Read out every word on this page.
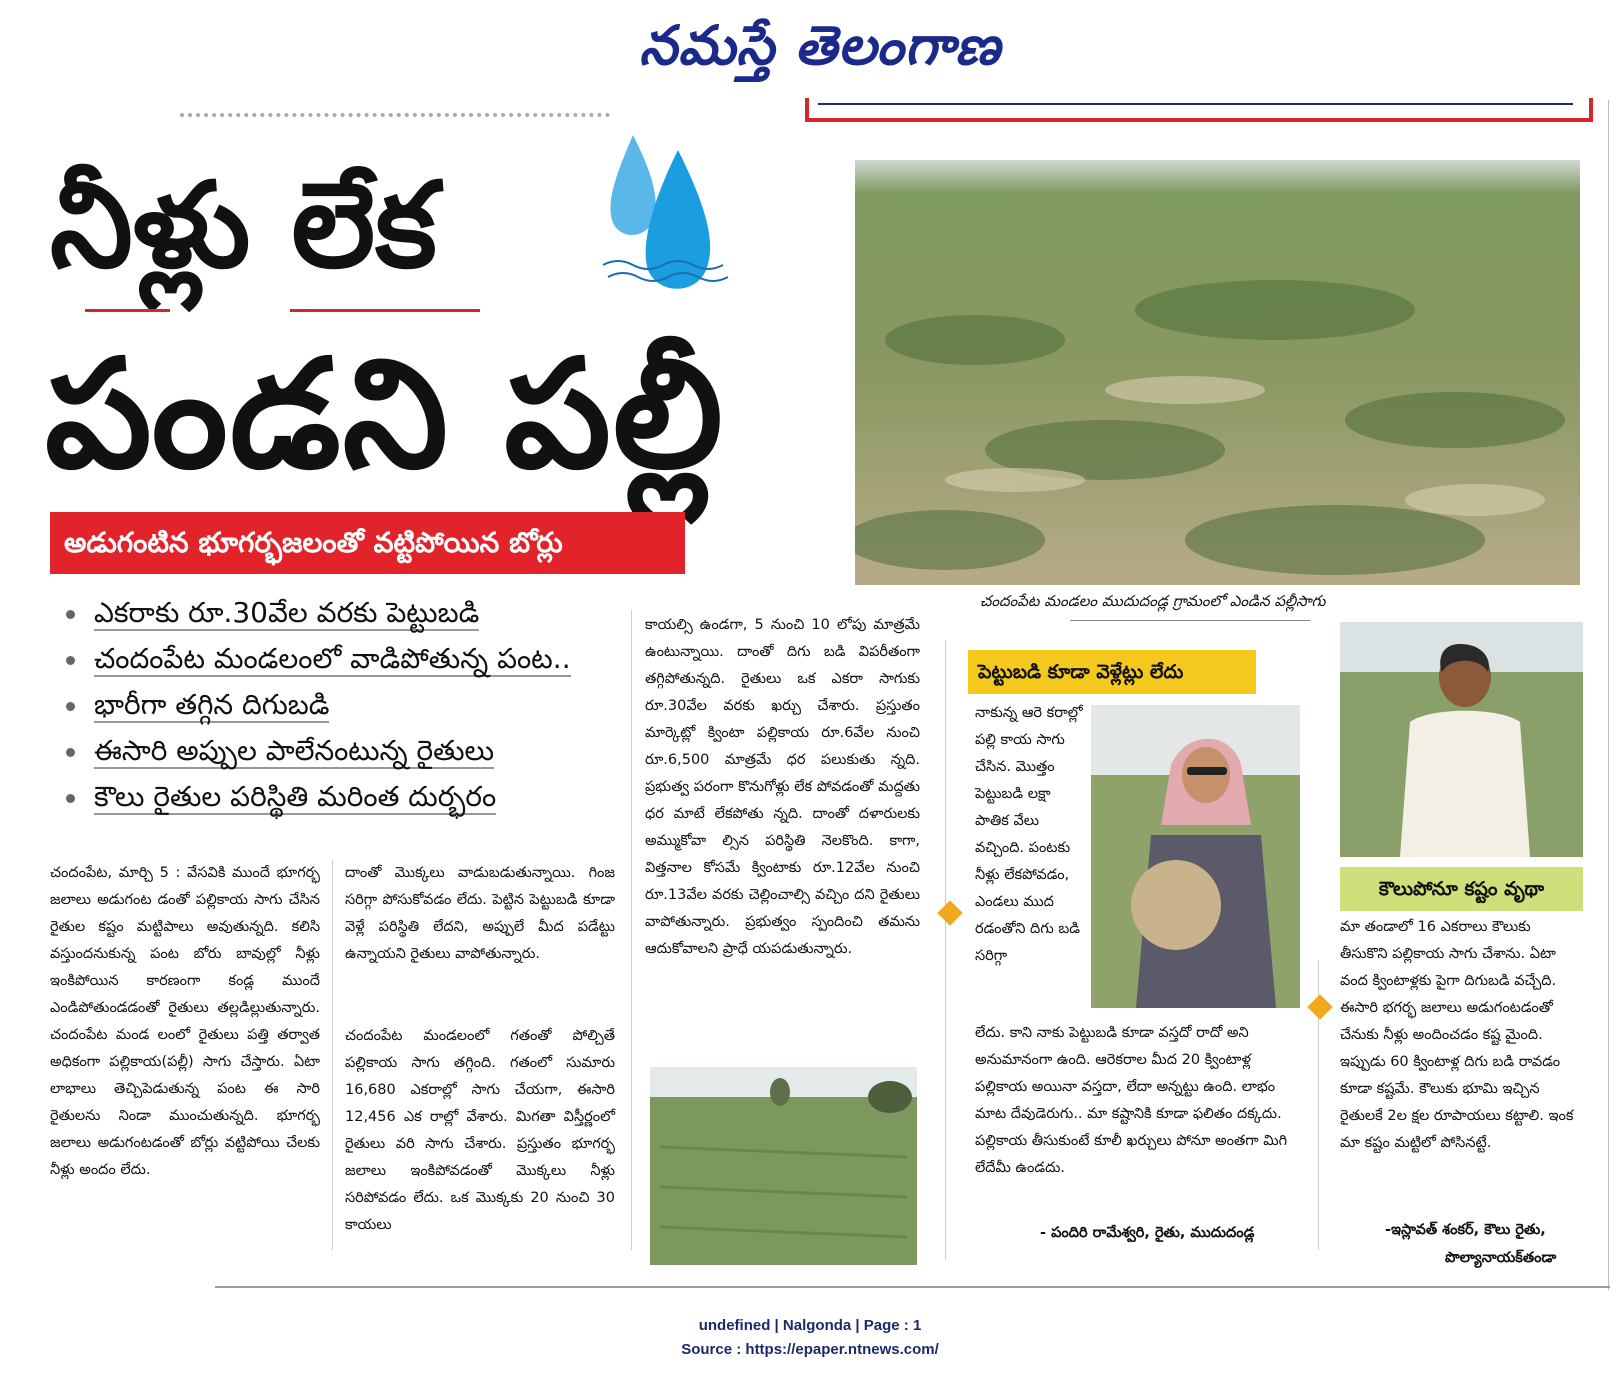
నమస్తే తెలంగాణ
నీళ్లు లేక
పండని పల్లీ
అడుగంటిన భూగర్భజలంతో వట్టిపోయిన బోర్లు
చందంపేట మండలం ముదుదండ్ల గ్రామంలో ఎండిన పల్లీసాగు
ఎకరాకు రూ.30వేల వరకు పెట్టుబడి
చందంపేట మండలంలో వాడిపోతున్న పంట..
భారీగా తగ్గిన దిగుబడి
ఈసారి అప్పుల పాలేనంటున్న రైతులు
కౌలు రైతుల పరిస్థితి మరింత దుర్భరం
చందంపేట, మార్చి 5 : వేసవికి ముందే భూగర్భ జలాలు అడుగంట డంతో పల్లికాయ సాగు చేసిన రైతుల కష్టం మట్టిపాలు అవుతున్నది. కలిసి వస్తుందనుకున్న పంట బోరు బావుల్లో నీళ్లు ఇంకిపోయిన కారణంగా కండ్ల ముందే ఎండిపోతుండడంతో రైతులు తల్లడిల్లుతున్నారు. చందంపేట మండ లంలో రైతులు పత్తి తర్వాత అధికంగా పల్లికాయ(పల్లీ) సాగు చేస్తారు. ఏటా లాభాలు తెచ్చిపెడుతున్న పంట ఈ సారి రైతులను నిండా ముంచుతున్నది. భూగర్భ జలాలు అడుగంటడంతో బోర్లు వట్టిపోయి చేలకు నీళ్లు అందం లేదు.
దాంతో మొక్కలు వాడుబడుతున్నాయి. గింజ సరిగ్గా పోసుకోవడం లేదు. పెట్టిన పెట్టుబడి కూడా వెళ్లే పరిస్థితి లేదని, అప్పులే మీద పడేట్టు ఉన్నాయని రైతులు వాపోతున్నారు.
చందంపేట మండలంలో గతంతో పోల్చితే పల్లికాయ సాగు తగ్గింది. గతంలో సుమారు 16,680 ఎకరాల్లో సాగు చేయగా, ఈసారి 12,456 ఎక రాల్లో వేశారు. మిగతా విస్తీర్ణంలో రైతులు వరి సాగు చేశారు. ప్రస్తుతం భూగర్భ జలాలు ఇంకిపోవడంతో మొక్కలు నీళ్లు సరిపోవడం లేదు. ఒక మొక్కకు 20 నుంచి 30 కాయలు
కాయల్సి ఉండగా, 5 నుంచి 10 లోపు మాత్రమే ఉంటున్నాయి. దాంతో దిగు బడి విపరీతంగా తగ్గిపోతున్నది. రైతులు ఒక ఎకరా సాగుకు రూ.30వేల వరకు ఖర్చు చేశారు. ప్రస్తుతం మార్కెట్లో క్వింటా పల్లికాయ రూ.6వేల నుంచి రూ.6,500 మాత్రమే ధర పలుకుతు న్నది. ప్రభుత్వ పరంగా కొనుగోళ్లు లేక పోవడంతో మద్దతు ధర మాటే లేకపోతు న్నది. దాంతో దళారులకు అమ్ముకోవా ల్సిన పరిస్థితి నెలకొంది. కాగా, విత్తనాల కోసమే క్వింటాకు రూ.12వేల నుంచి రూ.13వేల వరకు చెల్లించాల్సి వచ్చిం దని రైతులు వాపోతున్నారు. ప్రభుత్వం స్పందించి తమను ఆదుకోవాలని ప్రాధే యపడుతున్నారు.
పెట్టుబడి కూడా వెళ్లేట్లు లేదు
నాకున్న ఆరె కరాల్లో పల్లి కాయ సాగు చేసిన. మొత్తం పెట్టుబడి లక్షా పాతిక వేలు వచ్చింది. పంటకు నీళ్లు లేకపోవడం, ఎండలు ముద రడంతోని దిగు బడి సరిగ్గా
లేదు. కాని నాకు పెట్టుబడి కూడా వస్తదో రాదో అని అనుమానంగా ఉంది. ఆరెకరాల మీద 20 క్వింటాళ్ల పల్లికాయ అయినా వస్తదా, లేదా అన్నట్టు ఉంది. లాభం మాట దేవుడెరుగు.. మా కష్టానికి కూడా ఫలితం దక్కదు. పల్లికాయ తీసుకుంటే కూలీ ఖర్చులు పోనూ అంతగా మిగి లేదేమీ ఉండదు.
- పందిరి రామేశ్వరి, రైతు, ముదుదండ్ల
కౌలుపోనూ కష్టం వృథా
మా తండాలో 16 ఎకరాలు కౌలుకు తీసుకొని పల్లికాయ సాగు చేశాను. ఏటా వంద క్వింటాళ్లకు పైగా దిగుబడి వచ్చేది. ఈసారి భగర్భ జలాలు అడుగంటడంతో చేనుకు నీళ్లు అందించడం కష్ట మైంది. ఇప్పుడు 60 క్వింటాళ్ల దిగు బడి రావడం కూడా కష్టమే. కౌలుకు భూమి ఇచ్చిన రైతులకే 2ల క్షల రూపాయలు కట్టాలి. ఇంక మా కష్టం మట్టిలో పోసినట్టే.
-ఇస్లావత్ శంకర్, కౌలు రైతు,
పొల్యానాయక్‌తండా
undefined | Nalgonda | Page : 1
Source : https://epaper.ntnews.com/
